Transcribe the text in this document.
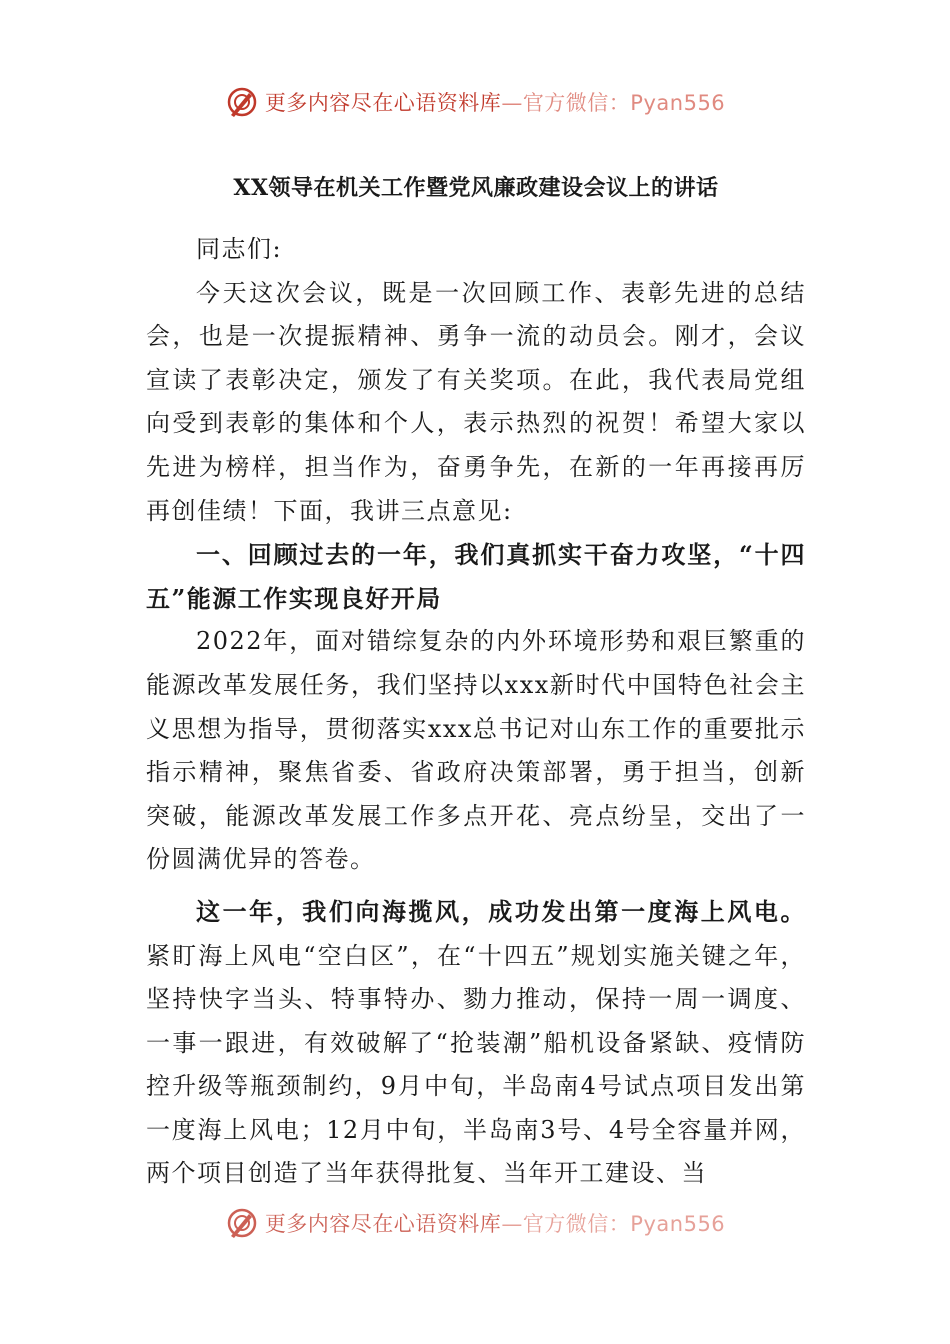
更多内容尽在心语资料库 —官方微信：Pyan556
XX领导在机关工作暨党风廉政建设会议上的讲话

同志们:

今天这次会议，既是一次回顾工作、表彰先进的总结会，也是一次提振精神、勇争一流的动员会。刚才，会议宣读了表彰决定，颁发了有关奖项。在此，我代表局党组向受到表彰的集体和个人，表示热烈的祝贺！希望大家以先进为榜样，担当作为，奋勇争先，在新的一年再接再厉再创佳绩！下面，我讲三点意见:

一、回顾过去的一年，我们真抓实干奋力攻坚，“十四五”能源工作实现良好开局

2022年，面对错综复杂的内外环境形势和艰巨繁重的能源改革发展任务，我们坚持以xxx新时代中国特色社会主义思想为指导，贯彻落实xxx总书记对山东工作的重要批示指示精神，聚焦省委、省政府决策部署，勇于担当，创新突破，能源改革发展工作多点开花、亮点纷呈，交出了一份圆满优异的答卷。

这一年，我们向海揽风，成功发出第一度海上风电。紧盯海上风电“空白区”，在“十四五”规划实施关键之年，坚持快字当头、特事特办、勠力推动，保持一周一调度、一事一跟进，有效破解了“抢装潮”船机设备紧缺、疫情防控升级等瓶颈制约，9月中旬，半岛南4号试点项目发出第一度海上风电；12月中旬，半岛南3号、4号全容量并网，两个项目创造了当年获得批复、当年开工建设、当

更多内容尽在心语资料库 —官方微信：Pyan556
